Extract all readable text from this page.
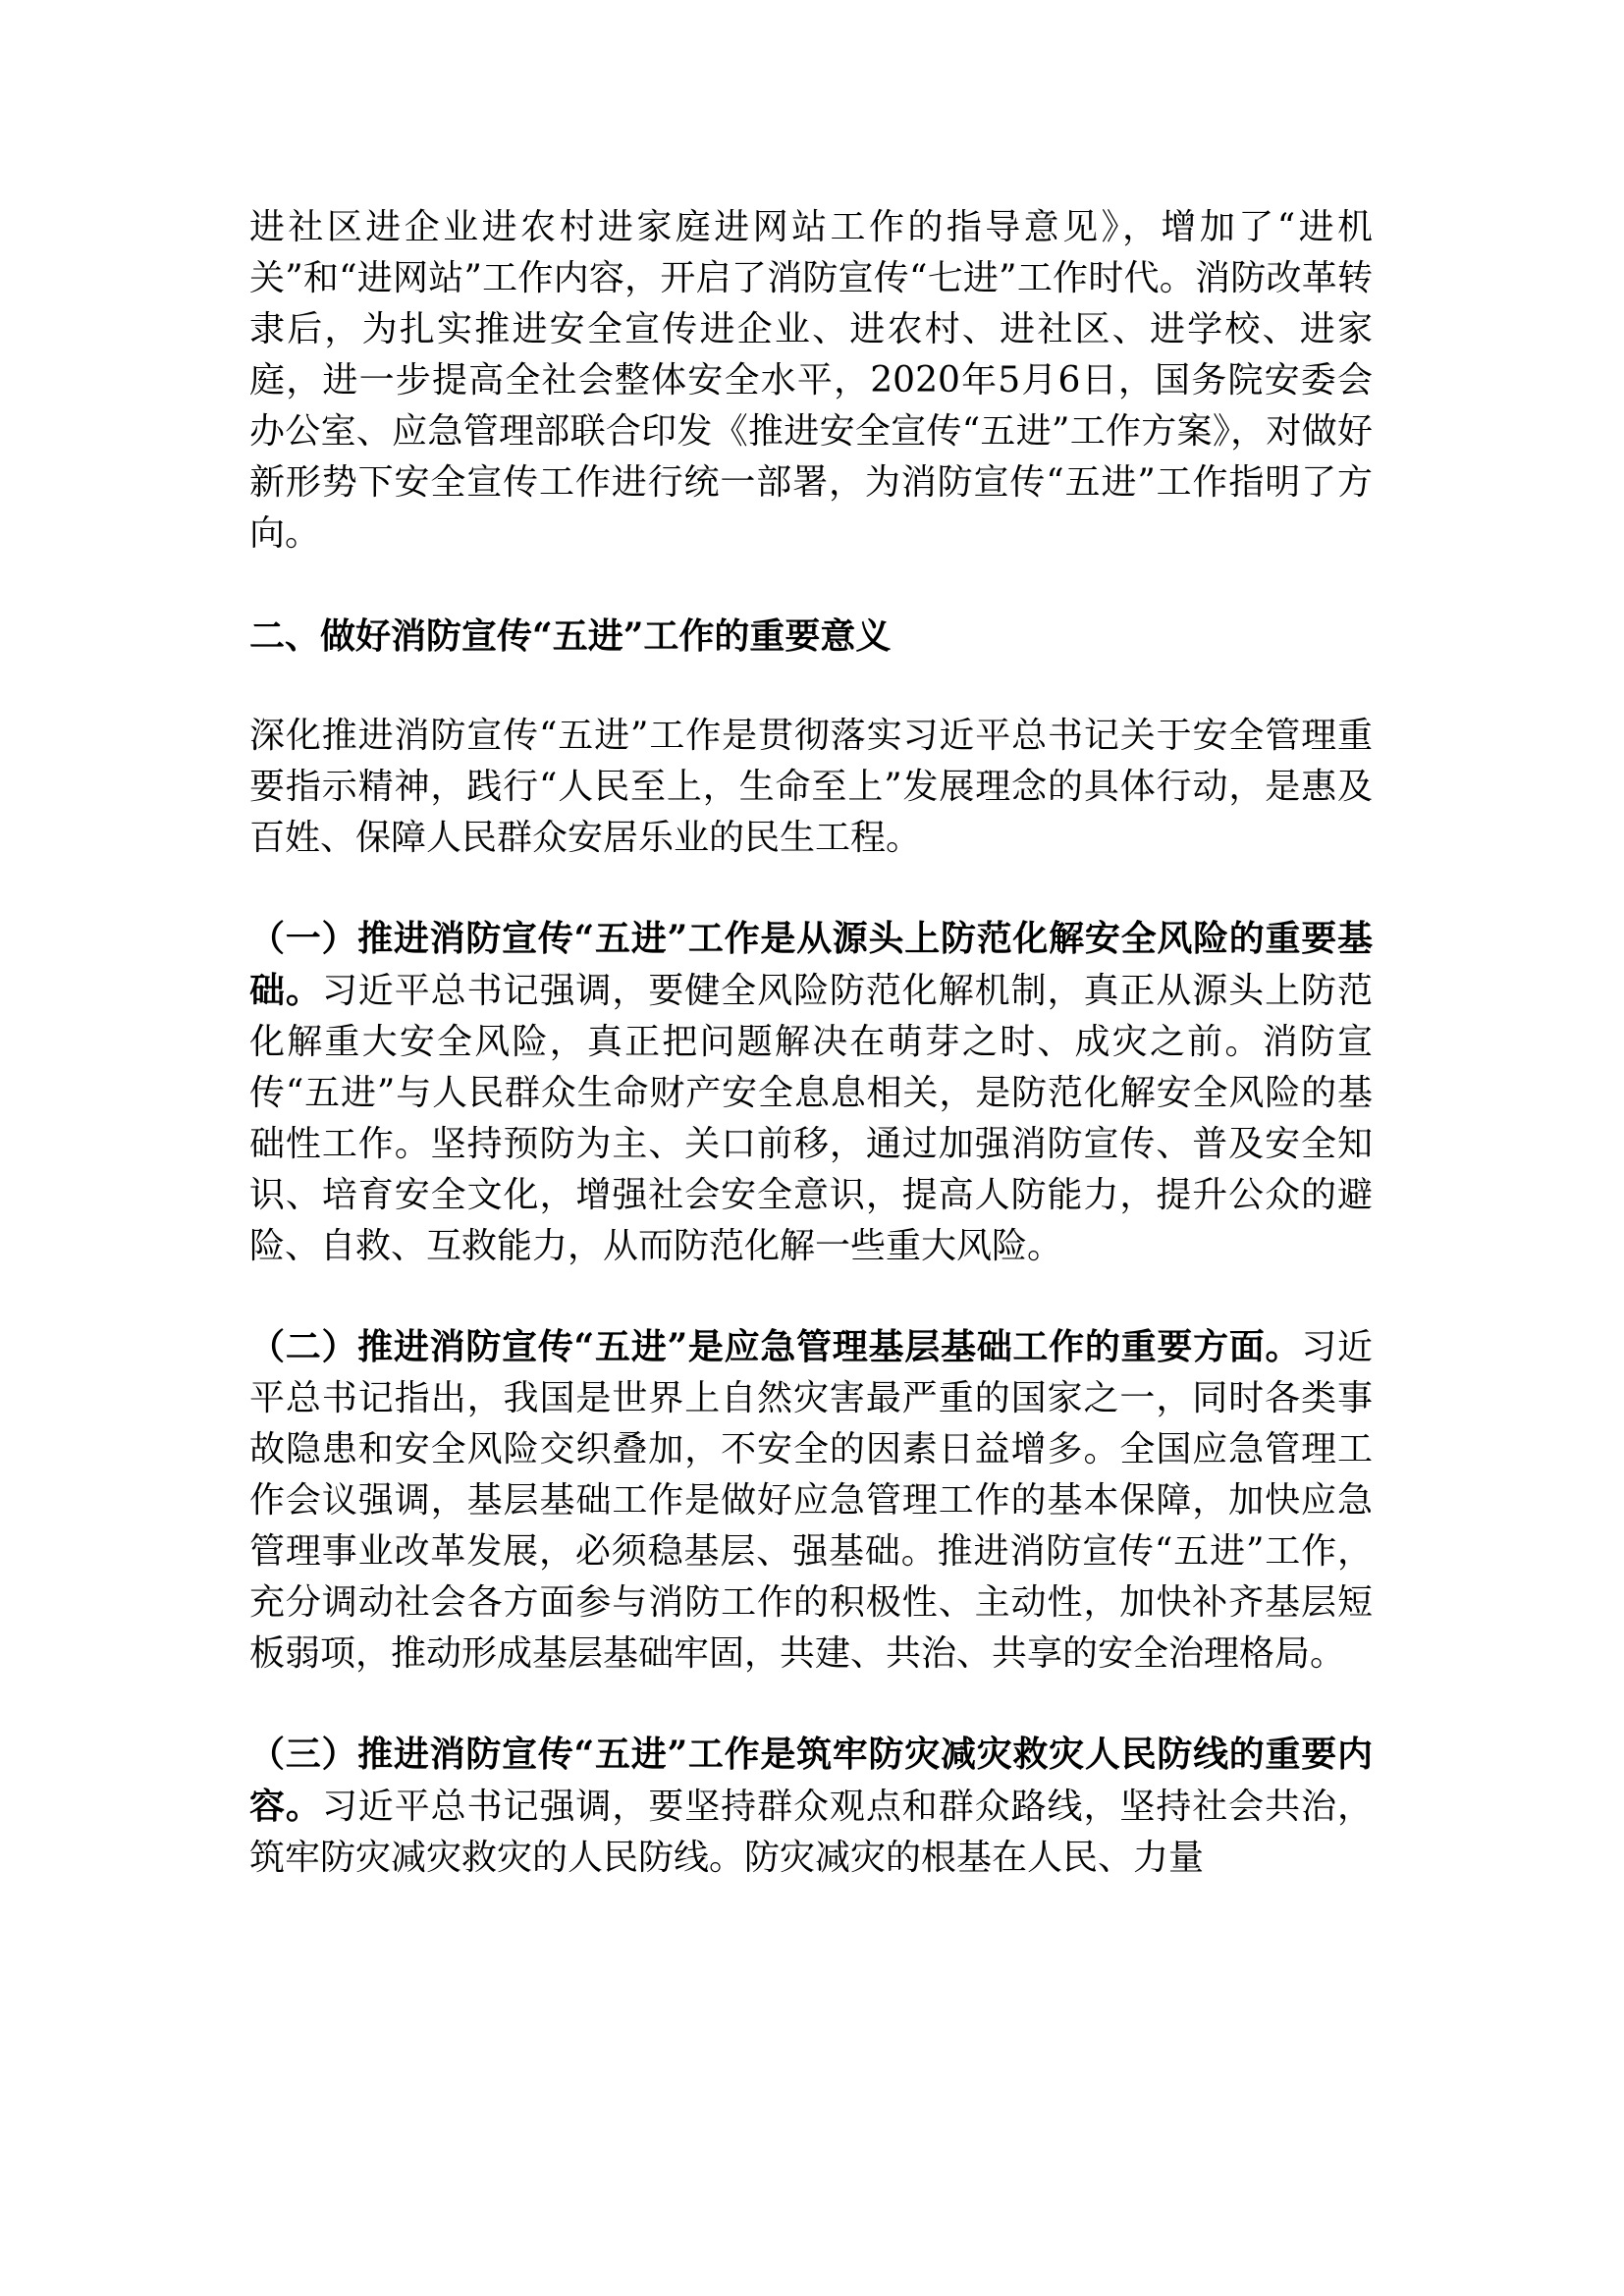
进社区进企业进农村进家庭进网站工作的指导意见》，增加了“进机关”和“进网站”工作内容，开启了消防宣传“七进”工作时代。消防改革转隶后，为扎实推进安全宣传进企业、进农村、进社区、进学校、进家庭，进一步提高全社会整体安全水平，2020年5月6日，国务院安委会办公室、应急管理部联合印发《推进安全宣传“五进”工作方案》，对做好新形势下安全宣传工作进行统一部署，为消防宣传“五进”工作指明了方向。

二、做好消防宣传“五进”工作的重要意义

深化推进消防宣传“五进”工作是贯彻落实习近平总书记关于安全管理重要指示精神，践行“人民至上，生命至上”发展理念的具体行动，是惠及百姓、保障人民群众安居乐业的民生工程。

（一）推进消防宣传“五进”工作是从源头上防范化解安全风险的重要基础。习近平总书记强调，要健全风险防范化解机制，真正从源头上防范化解重大安全风险，真正把问题解决在萌芽之时、成灾之前。消防宣传“五进”与人民群众生命财产安全息息相关，是防范化解安全风险的基础性工作。坚持预防为主、关口前移，通过加强消防宣传、普及安全知识、培育安全文化，增强社会安全意识，提高人防能力，提升公众的避险、自救、互救能力，从而防范化解一些重大风险。

（二）推进消防宣传“五进”是应急管理基层基础工作的重要方面。习近平总书记指出，我国是世界上自然灾害最严重的国家之一，同时各类事故隐患和安全风险交织叠加，不安全的因素日益增多。全国应急管理工作会议强调，基层基础工作是做好应急管理工作的基本保障，加快应急管理事业改革发展，必须稳基层、强基础。推进消防宣传“五进”工作，充分调动社会各方面参与消防工作的积极性、主动性，加快补齐基层短板弱项，推动形成基层基础牢固，共建、共治、共享的安全治理格局。

（三）推进消防宣传“五进”工作是筑牢防灾减灾救灾人民防线的重要内容。习近平总书记强调，要坚持群众观点和群众路线，坚持社会共治，筑牢防灾减灾救灾的人民防线。防灾减灾的根基在人民、力量
